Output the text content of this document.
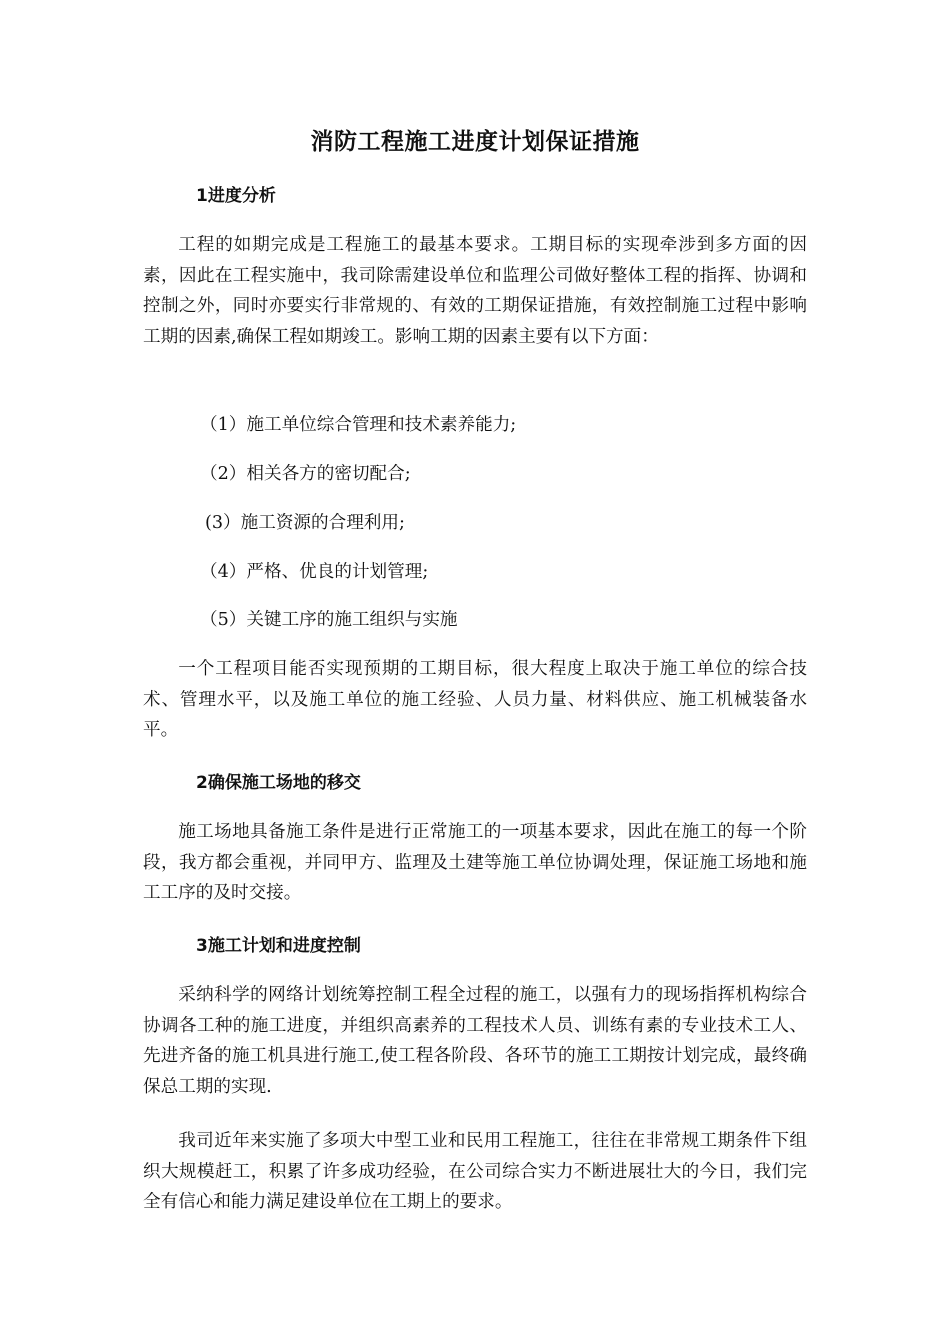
消防工程施工进度计划保证措施
1进度分析

工程的如期完成是工程施工的最基本要求。工期目标的实现牵涉到多方面的因素，因此在工程实施中，我司除需建设单位和监理公司做好整体工程的指挥、协调和控制之外，同时亦要实行非常规的、有效的工期保证措施，有效控制施工过程中影响工期的因素,确保工程如期竣工。影响工期的因素主要有以下方面：

（1）施工单位综合管理和技术素养能力;

（2）相关各方的密切配合;

(3）施工资源的合理利用;

（4）严格、优良的计划管理;

（5）关键工序的施工组织与实施

一个工程项目能否实现预期的工期目标，很大程度上取决于施工单位的综合技术、管理水平，以及施工单位的施工经验、人员力量、材料供应、施工机械装备水平。

2确保施工场地的移交

施工场地具备施工条件是进行正常施工的一项基本要求，因此在施工的每一个阶段，我方都会重视，并同甲方、监理及土建等施工单位协调处理，保证施工场地和施工工序的及时交接。

3施工计划和进度控制

采纳科学的网络计划统筹控制工程全过程的施工，以强有力的现场指挥机构综合协调各工种的施工进度，并组织高素养的工程技术人员、训练有素的专业技术工人、先进齐备的施工机具进行施工,使工程各阶段、各环节的施工工期按计划完成，最终确保总工期的实现.

我司近年来实施了多项大中型工业和民用工程施工，往往在非常规工期条件下组织大规模赶工，积累了许多成功经验，在公司综合实力不断进展壮大的今日，我们完全有信心和能力满足建设单位在工期上的要求。
